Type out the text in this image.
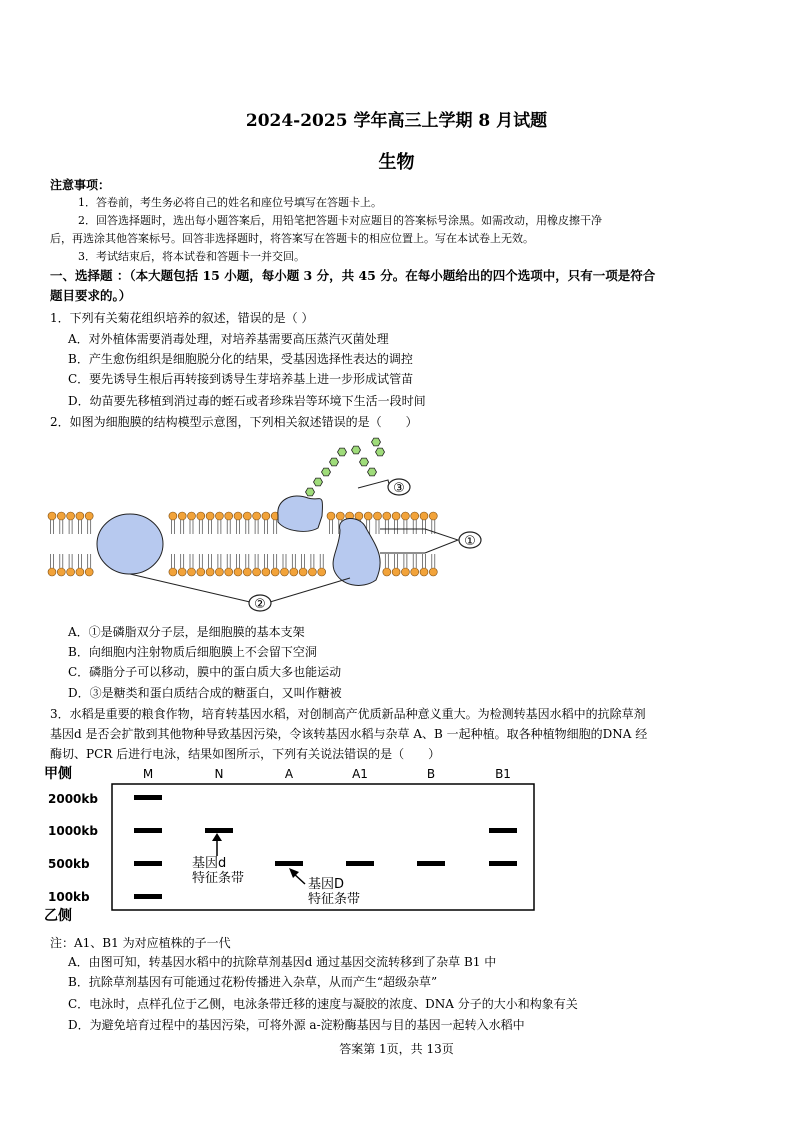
2024-2025 学年高三上学期 8 月试题
生物
注意事项：
1．答卷前，考生务必将自己的姓名和座位号填写在答题卡上。
2．回答选择题时，选出每小题答案后，用铅笔把答题卡对应题目的答案标号涂黑。如需改动，用橡皮擦干净
后，再选涂其他答案标号。回答非选择题时，将答案写在答题卡的相应位置上。写在本试卷上无效。
3．考试结束后，将本试卷和答题卡一并交回。
一、选择题 ：（本大题包括 15 小题，每小题 3 分，共 45 分。在每小题给出的四个选项中，只有一项是符合
题目要求的。）
1．下列有关菊花组织培养的叙述，错误的是（ ）
A．对外植体需要消毒处理，对培养基需要高压蒸汽灭菌处理
B．产生愈伤组织是细胞脱分化的结果，受基因选择性表达的调控
C．要先诱导生根后再转接到诱导生芽培养基上进一步形成试管苗
D．幼苗要先移植到消过毒的蛭石或者珍珠岩等环境下生活一段时间
2．如图为细胞膜的结构模型示意图，下列相关叙述错误的是（　　）
①
②
③
A．①是磷脂双分子层，是细胞膜的基本支架
B．向细胞内注射物质后细胞膜上不会留下空洞
C．磷脂分子可以移动，膜中的蛋白质大多也能运动
D．③是糖类和蛋白质结合成的糖蛋白，又叫作糖被
3．水稻是重要的粮食作物，培育转基因水稻，对创制高产优质新品种意义重大。为检测转基因水稻中的抗除草剂
基因d 是否会扩散到其他物种导致基因污染，令该转基因水稻与杂草 A、B 一起种植。取各种植物细胞的DNA 经
酶切、PCR 后进行电泳，结果如图所示，下列有关说法错误的是（　　）
甲侧
乙侧
M	N	A	A1	B	B1
2000kb
1000kb
500kb
100kb
基因d
特征条带	基因D
特征条带
注：A1、B1 为对应植株的子一代
A．由图可知，转基因水稻中的抗除草剂基因d 通过基因交流转移到了杂草 B1 中
B．抗除草剂基因有可能通过花粉传播进入杂草，从而产生“超级杂草”
C．电泳时，点样孔位于乙侧，电泳条带迁移的速度与凝胶的浓度、DNA 分子的大小和构象有关
D．为避免培育过程中的基因污染，可将外源 a-淀粉酶基因与目的基因一起转入水稻中
答案第 1页，共 13页
